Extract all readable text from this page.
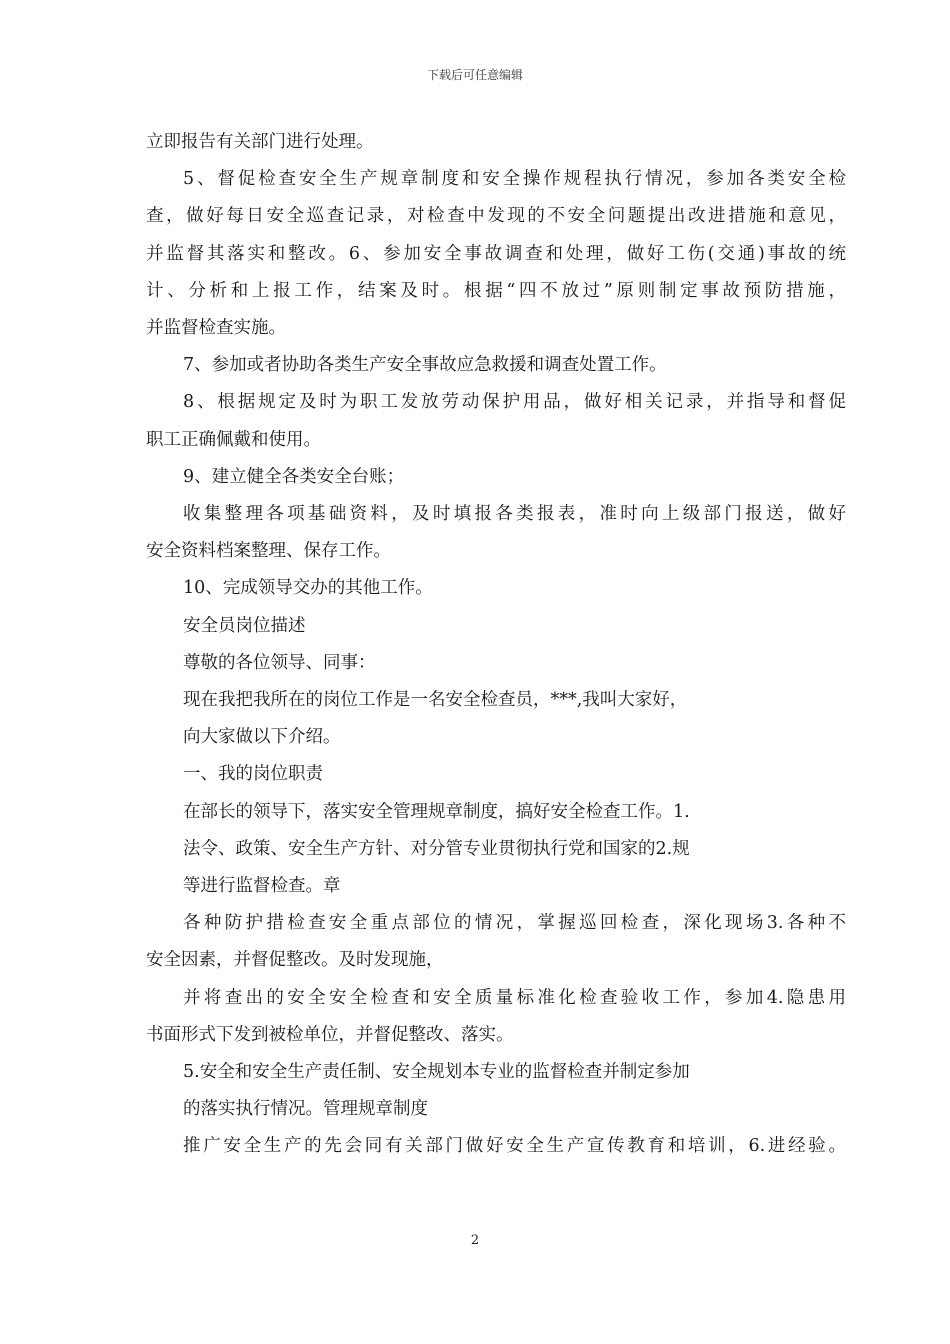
下载后可任意编辑

立即报告有关部门进行处理。

5、督促检查安全生产规章制度和安全操作规程执行情况，参加各类安全检

查，做好每日安全巡查记录，对检查中发现的不安全问题提出改进措施和意见，

并监督其落实和整改。6、参加安全事故调查和处理，做好工伤(交通)事故的统

计、分析和上报工作，结案及时。根据“四不放过”原则制定事故预防措施，

并监督检查实施。

7、参加或者协助各类生产安全事故应急救援和调查处置工作。

8、根据规定及时为职工发放劳动保护用品，做好相关记录，并指导和督促

职工正确佩戴和使用。

9、建立健全各类安全台账；

收集整理各项基础资料，及时填报各类报表，准时向上级部门报送，做好

安全资料档案整理、保存工作。

10、完成领导交办的其他工作。

安全员岗位描述

尊敬的各位领导、同事：

现在我把我所在的岗位工作是一名安全检查员，***,我叫大家好，

向大家做以下介绍。

一、我的岗位职责

在部长的领导下，落实安全管理规章制度，搞好安全检查工作。1.

法令、政策、安全生产方针、对分管专业贯彻执行党和国家的2.规

等进行监督检查。章

各种防护措检查安全重点部位的情况，掌握巡回检查，深化现场3.各种不

安全因素，并督促整改。及时发现施，

并将查出的安全安全检查和安全质量标准化检查验收工作，参加4.隐患用

书面形式下发到被检单位，并督促整改、落实。

5.安全和安全生产责任制、安全规划本专业的监督检查并制定参加

的落实执行情况。管理规章制度

推广安全生产的先会同有关部门做好安全生产宣传教育和培训，6.进经验。

2
